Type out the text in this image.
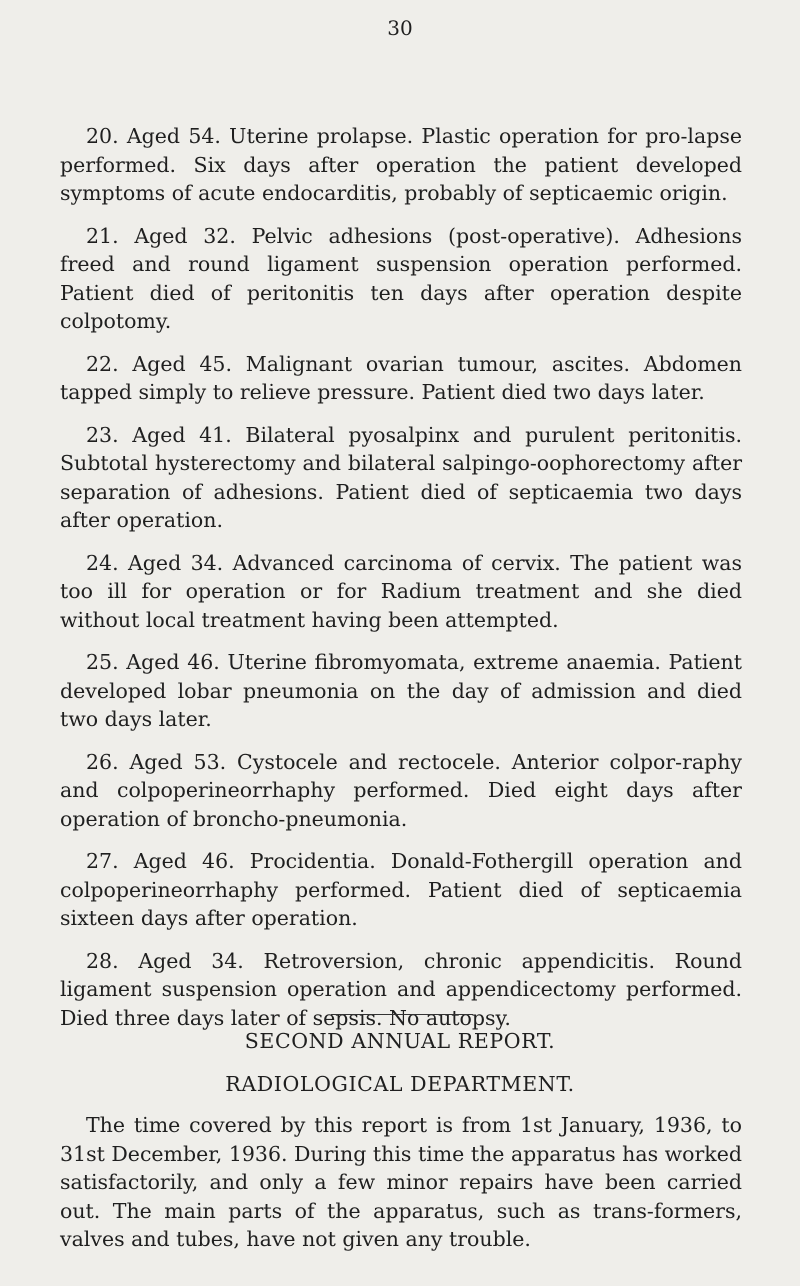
30

20. Aged 54. Uterine prolapse. Plastic operation for pro-lapse performed. Six days after operation the patient developed symptoms of acute endocarditis, probably of septicaemic origin.

21. Aged 32. Pelvic adhesions (post-operative). Adhesions freed and round ligament suspension operation performed. Patient died of peritonitis ten days after operation despite colpotomy.

22. Aged 45. Malignant ovarian tumour, ascites. Abdomen tapped simply to relieve pressure. Patient died two days later.

23. Aged 41. Bilateral pyosalpinx and purulent peritonitis. Subtotal hysterectomy and bilateral salpingo-oophorectomy after separation of adhesions. Patient died of septicaemia two days after operation.

24. Aged 34. Advanced carcinoma of cervix. The patient was too ill for operation or for Radium treatment and she died without local treatment having been attempted.

25. Aged 46. Uterine fibromyomata, extreme anaemia. Patient developed lobar pneumonia on the day of admission and died two days later.

26. Aged 53. Cystocele and rectocele. Anterior colpor-raphy and colpoperineorrhaphy performed. Died eight days after operation of broncho-pneumonia.

27. Aged 46. Procidentia. Donald-Fothergill operation and colpoperineorrhaphy performed. Patient died of septicaemia sixteen days after operation.

28. Aged 34. Retroversion, chronic appendicitis. Round ligament suspension operation and appendicectomy performed. Died three days later of sepsis. No autopsy.

SECOND ANNUAL REPORT.
RADIOLOGICAL DEPARTMENT.

The time covered by this report is from 1st January, 1936, to 31st December, 1936. During this time the apparatus has worked satisfactorily, and only a few minor repairs have been carried out. The main parts of the apparatus, such as trans-formers, valves and tubes, have not given any trouble.
